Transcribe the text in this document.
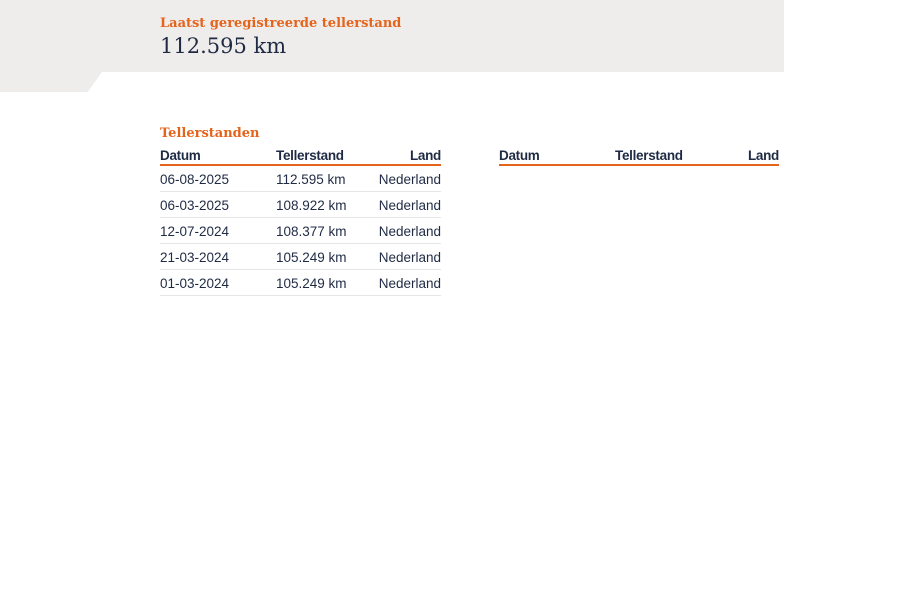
Laatst geregistreerde tellerstand
112.595 km
Tellerstanden
Datum	Tellerstand	Land
06-08-2025	112.595 km	Nederland
06-03-2025	108.922 km	Nederland
12-07-2024	108.377 km	Nederland
21-03-2024	105.249 km	Nederland
01-03-2024	105.249 km	Nederland
Datum	Tellerstand	Land
